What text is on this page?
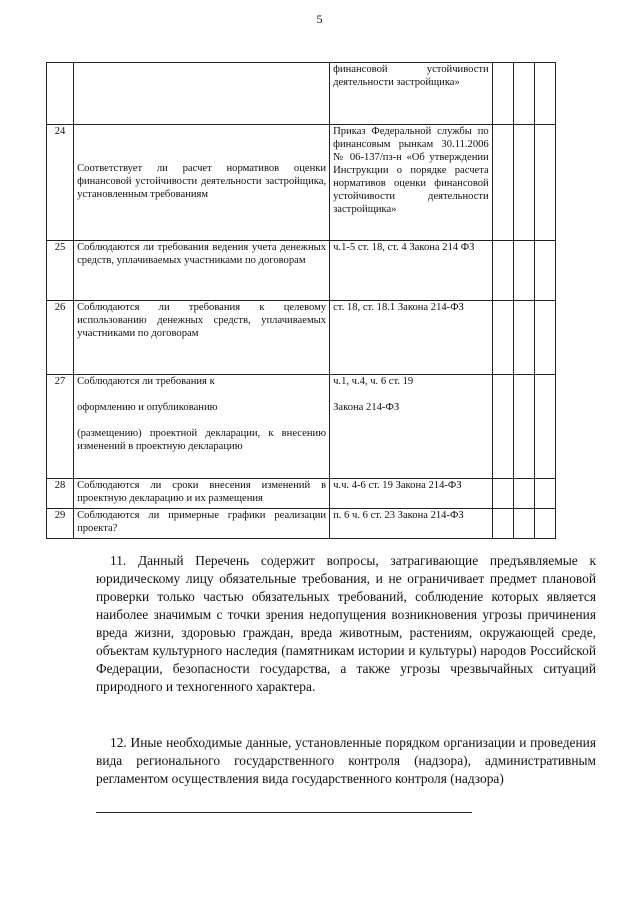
5
		финансовой устойчивости деятельности застройщика»			
24	Соответствует ли расчет нормативов оценки финансовой устойчивости деятельности застройщика, установленным требованиям	Приказ Федеральной службы по финансовым рынкам 30.11.2006 № 06-137/пз-н «Об утверждении Инструкции о порядке расчета нормативов оценки финансовой устойчивости деятельности застройщика»			
25	Соблюдаются ли требования ведения учета денежных средств, уплачиваемых участниками по договорам	ч.1-5 ст. 18, ст. 4 Закона 214 ФЗ			
26	Соблюдаются ли требования к целевому использованию денежных средств, уплачиваемых участниками по договорам	ст. 18, ст. 18.1 Закона 214-ФЗ			
27	Соблюдаются ли требования к

оформлению и опубликованию

(размещению) проектной декларации, к внесению изменений в проектную декларацию	ч.1, ч.4, ч. 6 ст. 19

Закона 214-ФЗ			
28	Соблюдаются ли сроки внесения изменений в проектную декларацию и их размещения	ч.ч. 4-6 ст. 19 Закона 214-ФЗ			
29	Соблюдаются ли примерные графики реализации проекта?	п. 6 ч. 6 ст. 23 Закона 214-ФЗ			

11. Данный Перечень содержит вопросы, затрагивающие предъявляемые к юридическому лицу обязательные требования, и не ограничивает предмет плановой проверки только частью обязательных требований, соблюдение которых является наиболее значимым с точки зрения недопущения возникновения угрозы причинения вреда жизни, здоровью граждан, вреда животным, растениям, окружающей среде, объектам культурного наследия (памятникам истории и культуры) народов Российской Федерации, безопасности государства, а также угрозы чрезвычайных ситуаций природного и техногенного характера.

12. Иные необходимые данные, установленные порядком организации и проведения вида регионального государственного контроля (надзора), административным регламентом осуществления вида государственного контроля (надзора)
